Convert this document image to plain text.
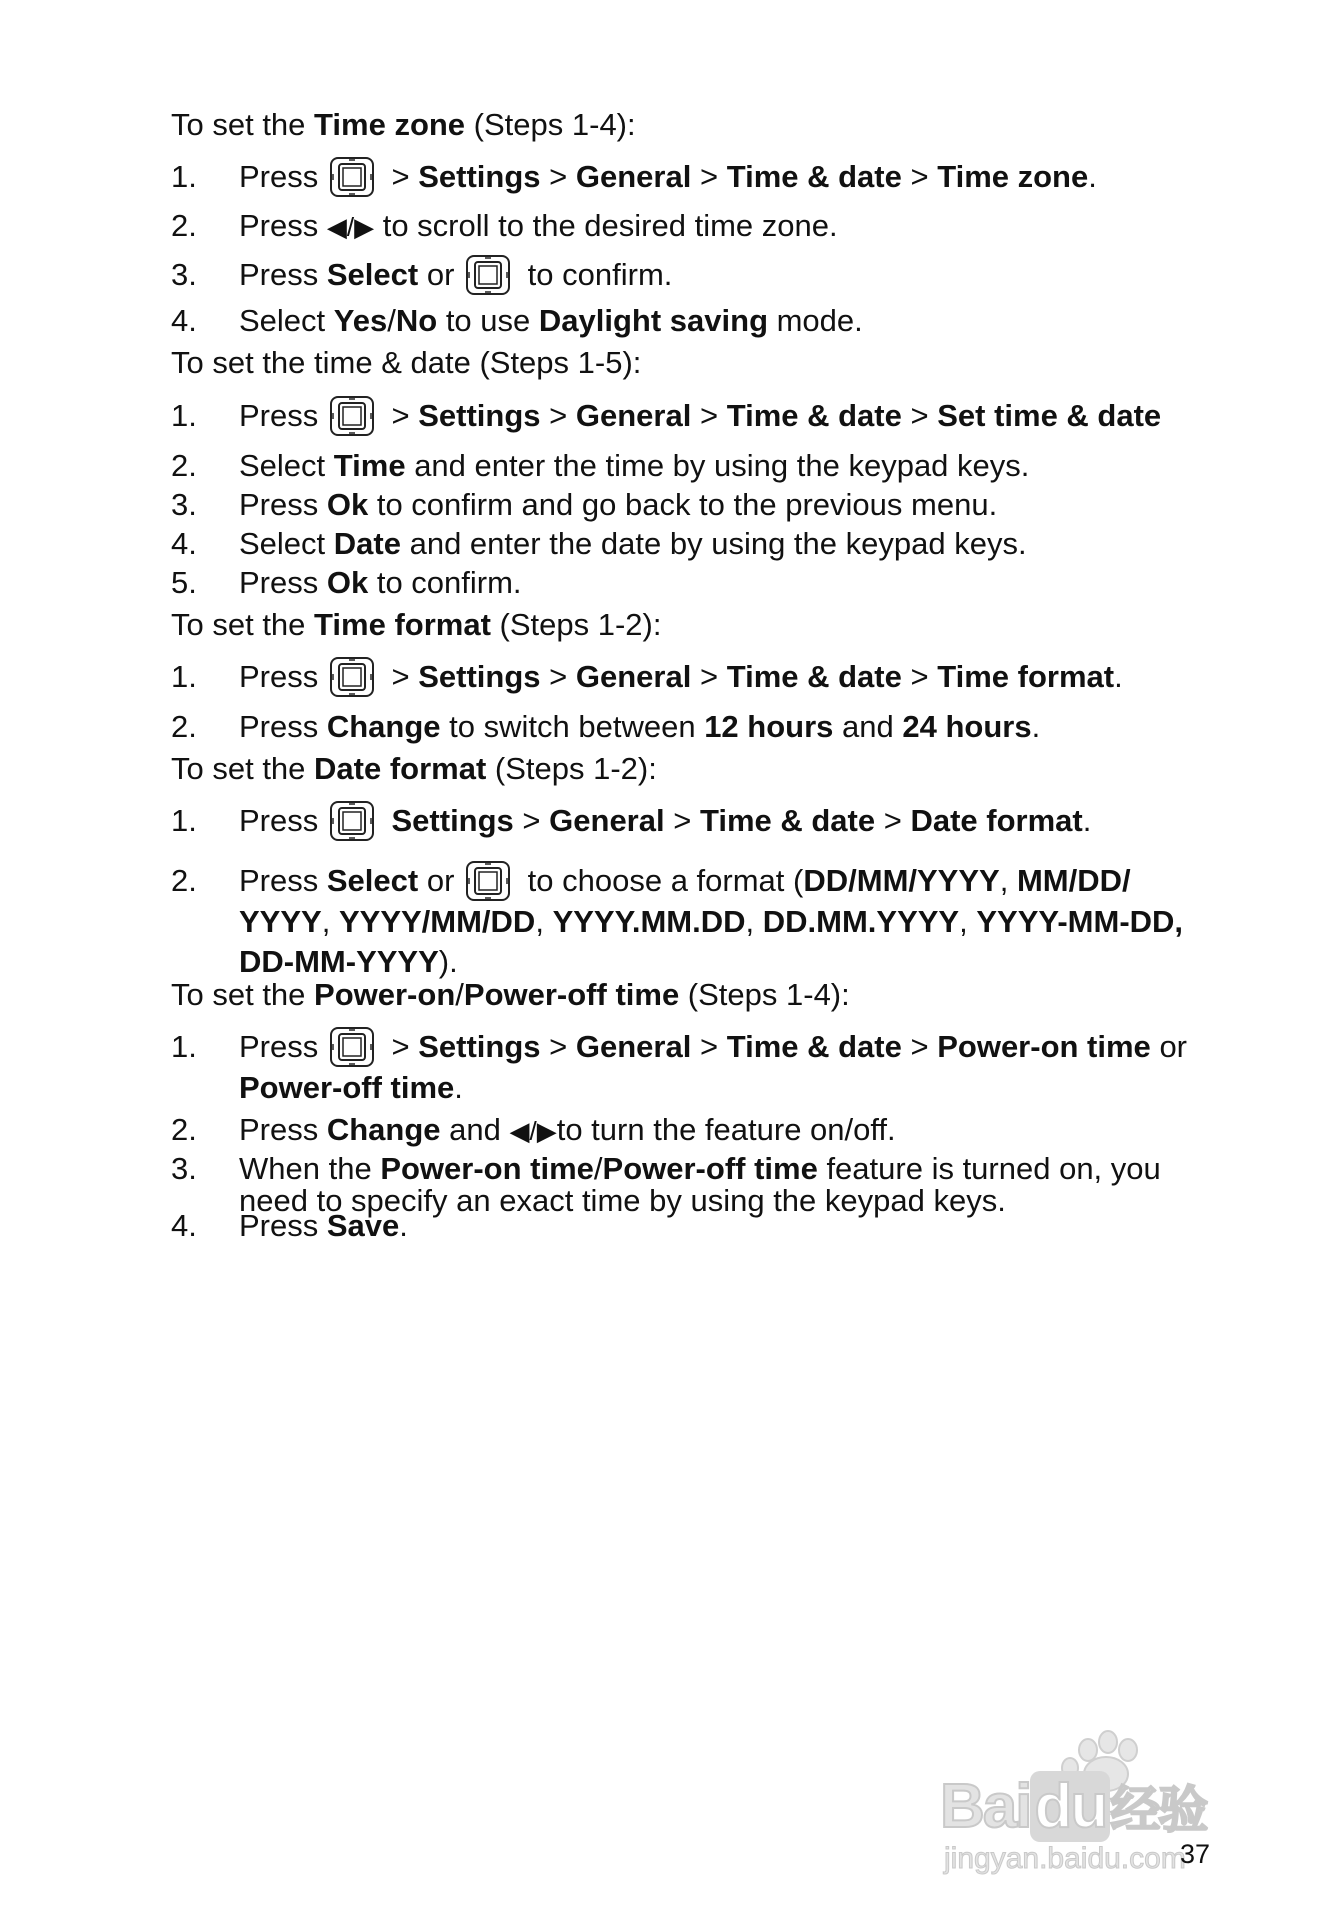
To set the Time zone (Steps 1-4):
1.	Press > Settings > General > Time & date > Time zone.
2.	Press ◀/▶ to scroll to the desired time zone.
3.	Press Select or to confirm.
4.	Select Yes/No to use Daylight saving mode.
To set the time & date (Steps 1-5):
1.	Press > Settings > General > Time & date > Set time & date
2.	Select Time and enter the time by using the keypad keys.
3.	Press Ok to confirm and go back to the previous menu.
4.	Select Date and enter the date by using the keypad keys.
5.	Press Ok to confirm.
To set the Time format (Steps 1-2):
1.	Press > Settings > General > Time & date > Time format.
2.	Press Change to switch between 12 hours and 24 hours.
To set the Date format (Steps 1-2):
1.	Press Settings > General > Time & date > Date format.
2.	Press Select or
to choose a format (DD/MM/YYYY, MM/DD/
YYYY, YYYY/MM/DD, YYYY.MM.DD, DD.MM.YYYY, YYYY-MM-DD,
DD-MM-YYYY).
To set the Power-on/Power-off time (Steps 1-4):
1.	Press > Settings > General > Time & date > Power-on time or
Power-off time.
2.	Press Change and ◀/▶to turn the feature on/off.
3.	When the Power-on time/Power-off time feature is turned on, you
need to specify an exact time by using the keypad keys.
4.	Press Save.
Baidu经验
jingyan.baidu.com
37
